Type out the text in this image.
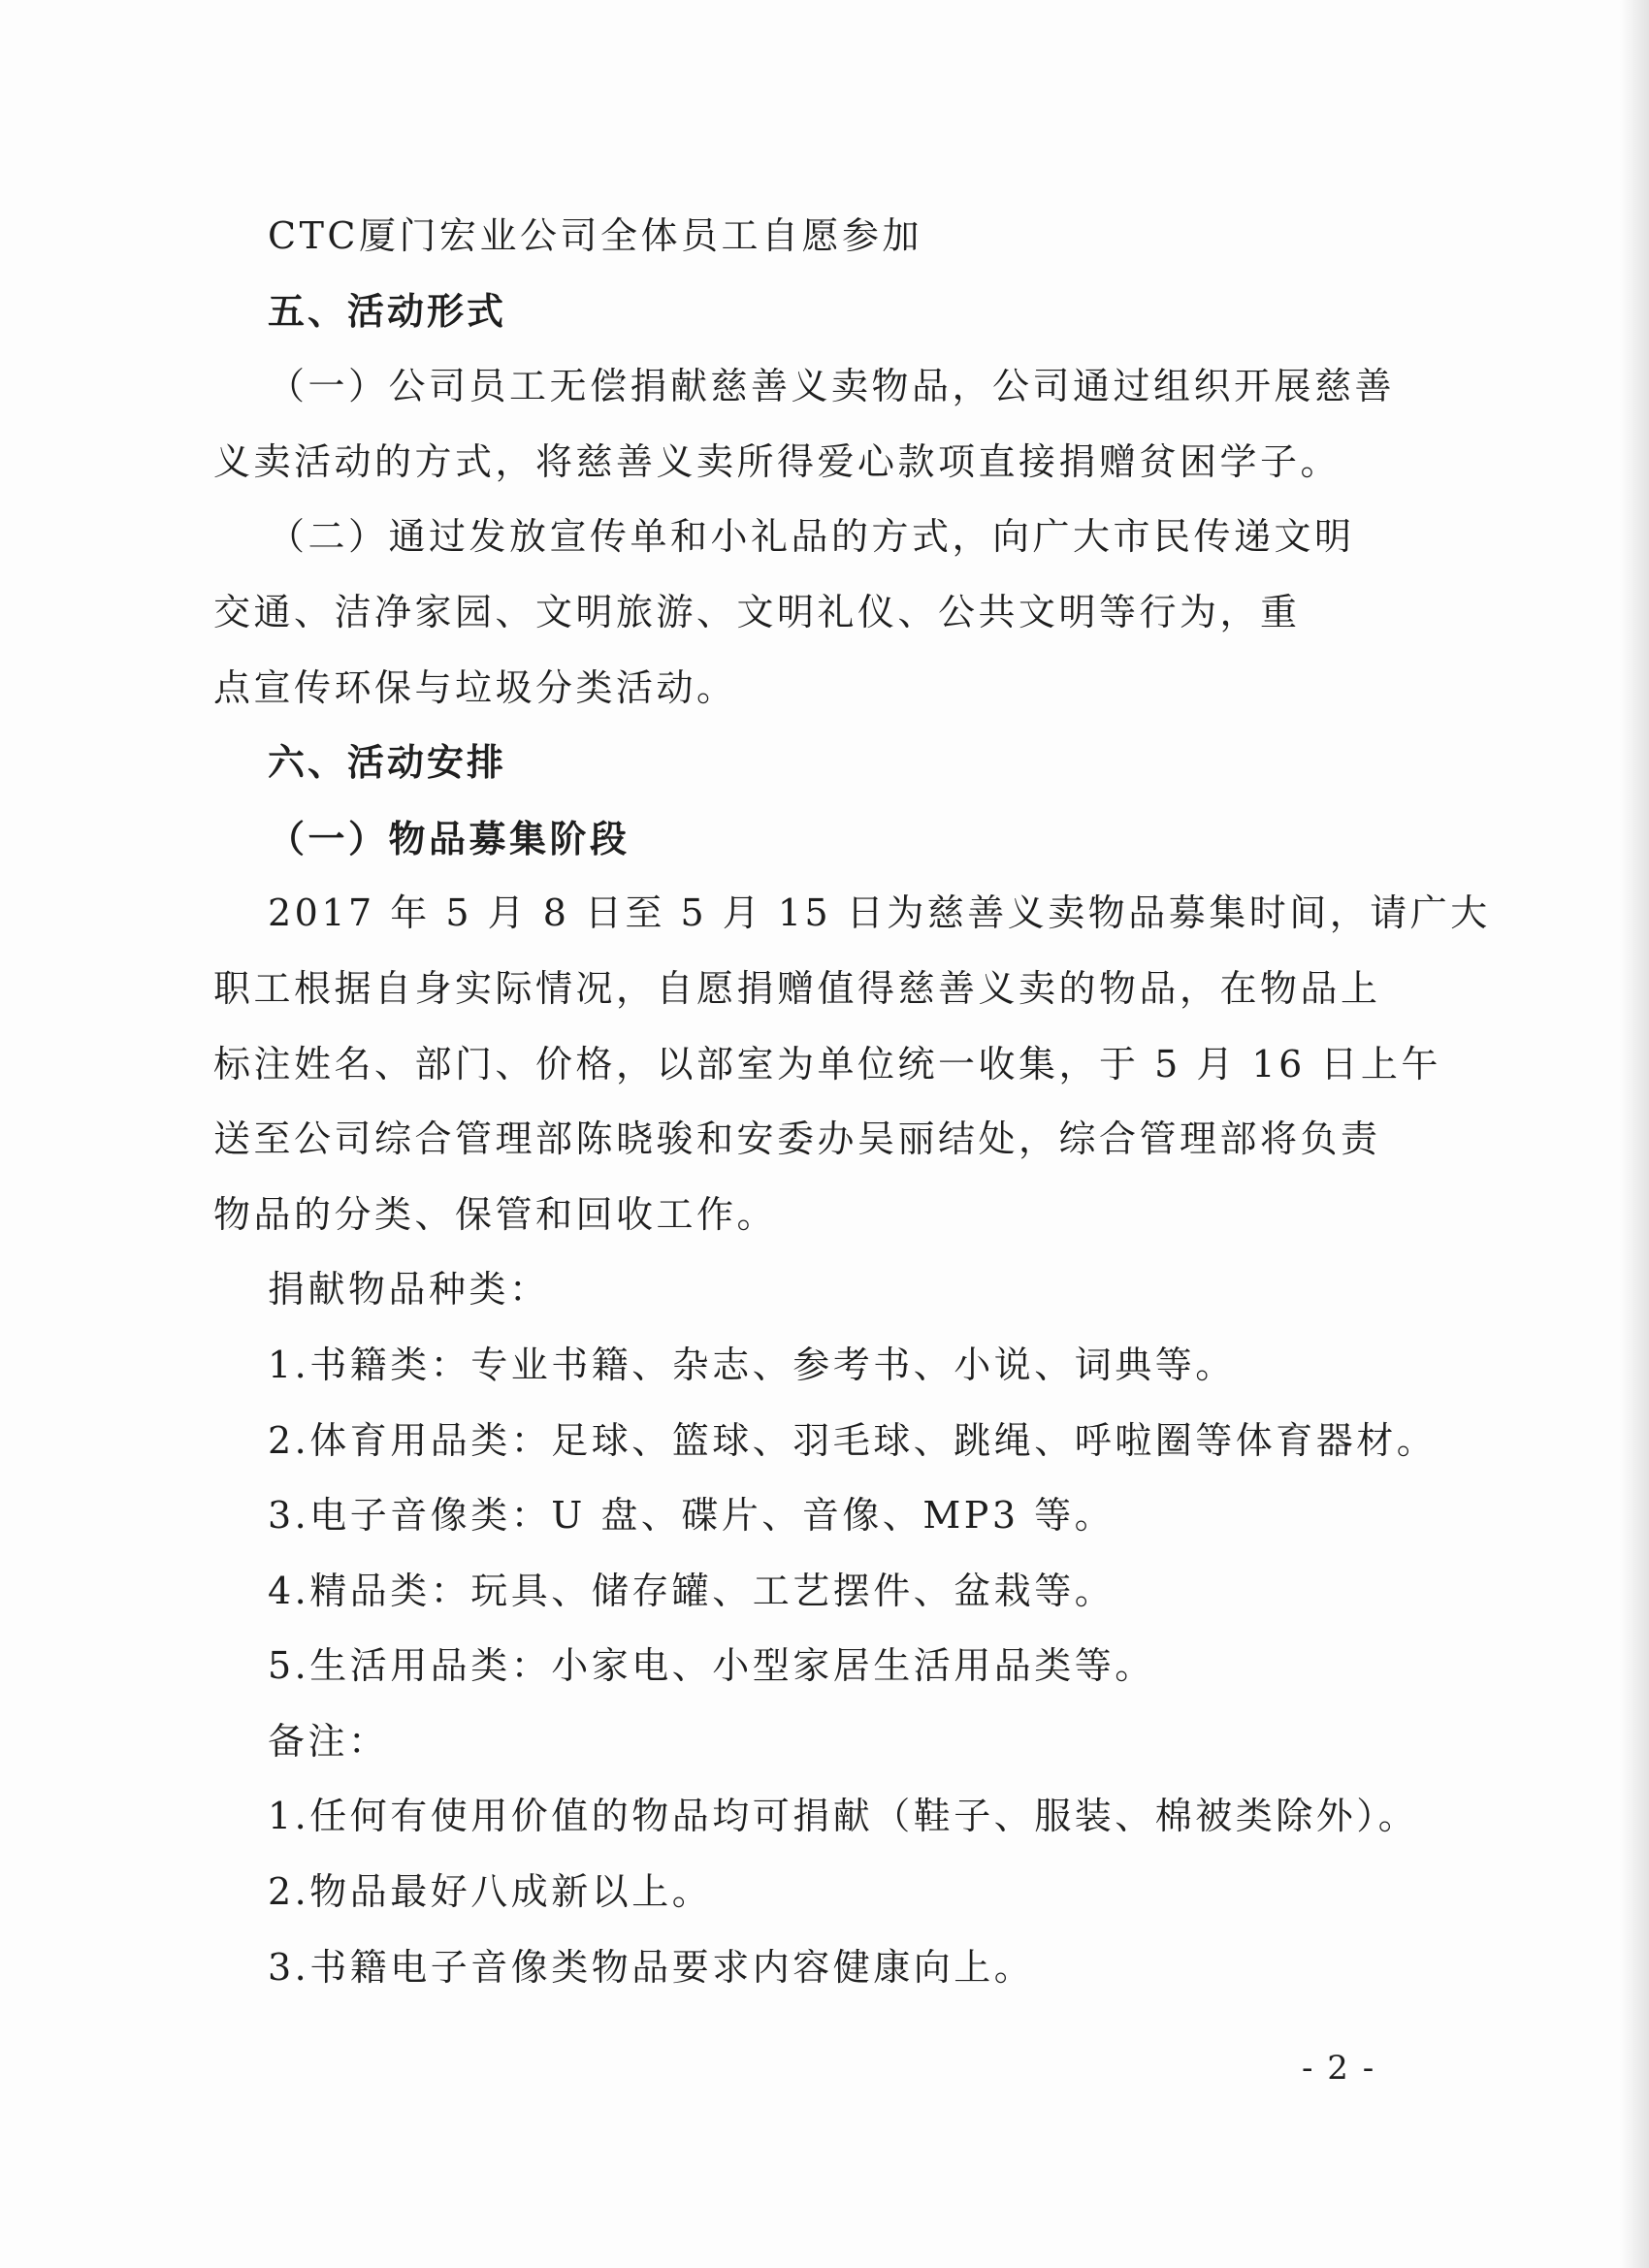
CTC厦门宏业公司全体员工自愿参加

五、活动形式

（一）公司员工无偿捐献慈善义卖物品，公司通过组织开展慈善

义卖活动的方式，将慈善义卖所得爱心款项直接捐赠贫困学子。

（二）通过发放宣传单和小礼品的方式，向广大市民传递文明

交通、洁净家园、文明旅游、文明礼仪、公共文明等行为，重

点宣传环保与垃圾分类活动。

六、活动安排

（一）物品募集阶段

2017 年 5 月 8 日至 5 月 15 日为慈善义卖物品募集时间，请广大

职工根据自身实际情况，自愿捐赠值得慈善义卖的物品，在物品上

标注姓名、部门、价格，以部室为单位统一收集，于 5 月 16 日上午

送至公司综合管理部陈晓骏和安委办吴丽结处，综合管理部将负责

物品的分类、保管和回收工作。

捐献物品种类：

1.书籍类：专业书籍、杂志、参考书、小说、词典等。

2.体育用品类：足球、篮球、羽毛球、跳绳、呼啦圈等体育器材。

3.电子音像类：U 盘、碟片、音像、MP3 等。

4.精品类：玩具、储存罐、工艺摆件、盆栽等。

5.生活用品类：小家电、小型家居生活用品类等。

备注：

1.任何有使用价值的物品均可捐献（鞋子、服装、棉被类除外）。

2.物品最好八成新以上。

3.书籍电子音像类物品要求内容健康向上。

- 2 -
